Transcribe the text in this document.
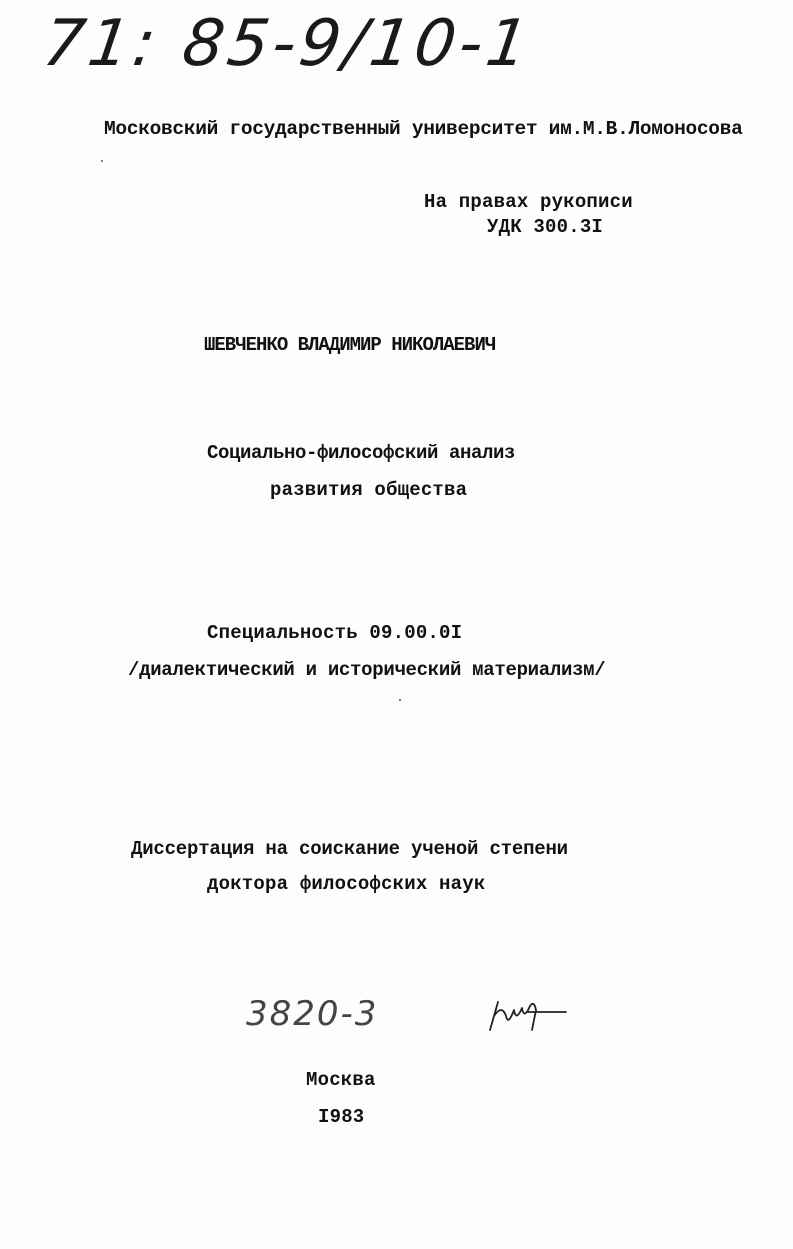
71: 85-9/10-1
Московский государственный университет им.М.В.Ломоносова
На правах рукописи
УДК 300.3I
ШЕВЧЕНКО ВЛАДИМИР НИКОЛАЕВИЧ
Социально-философский анализ
развития общества
Специальность 09.00.0I
/диалектический и исторический материализм/
Диссертация на соискание ученой степени
доктора философских наук
3820-3
Москва
I983
